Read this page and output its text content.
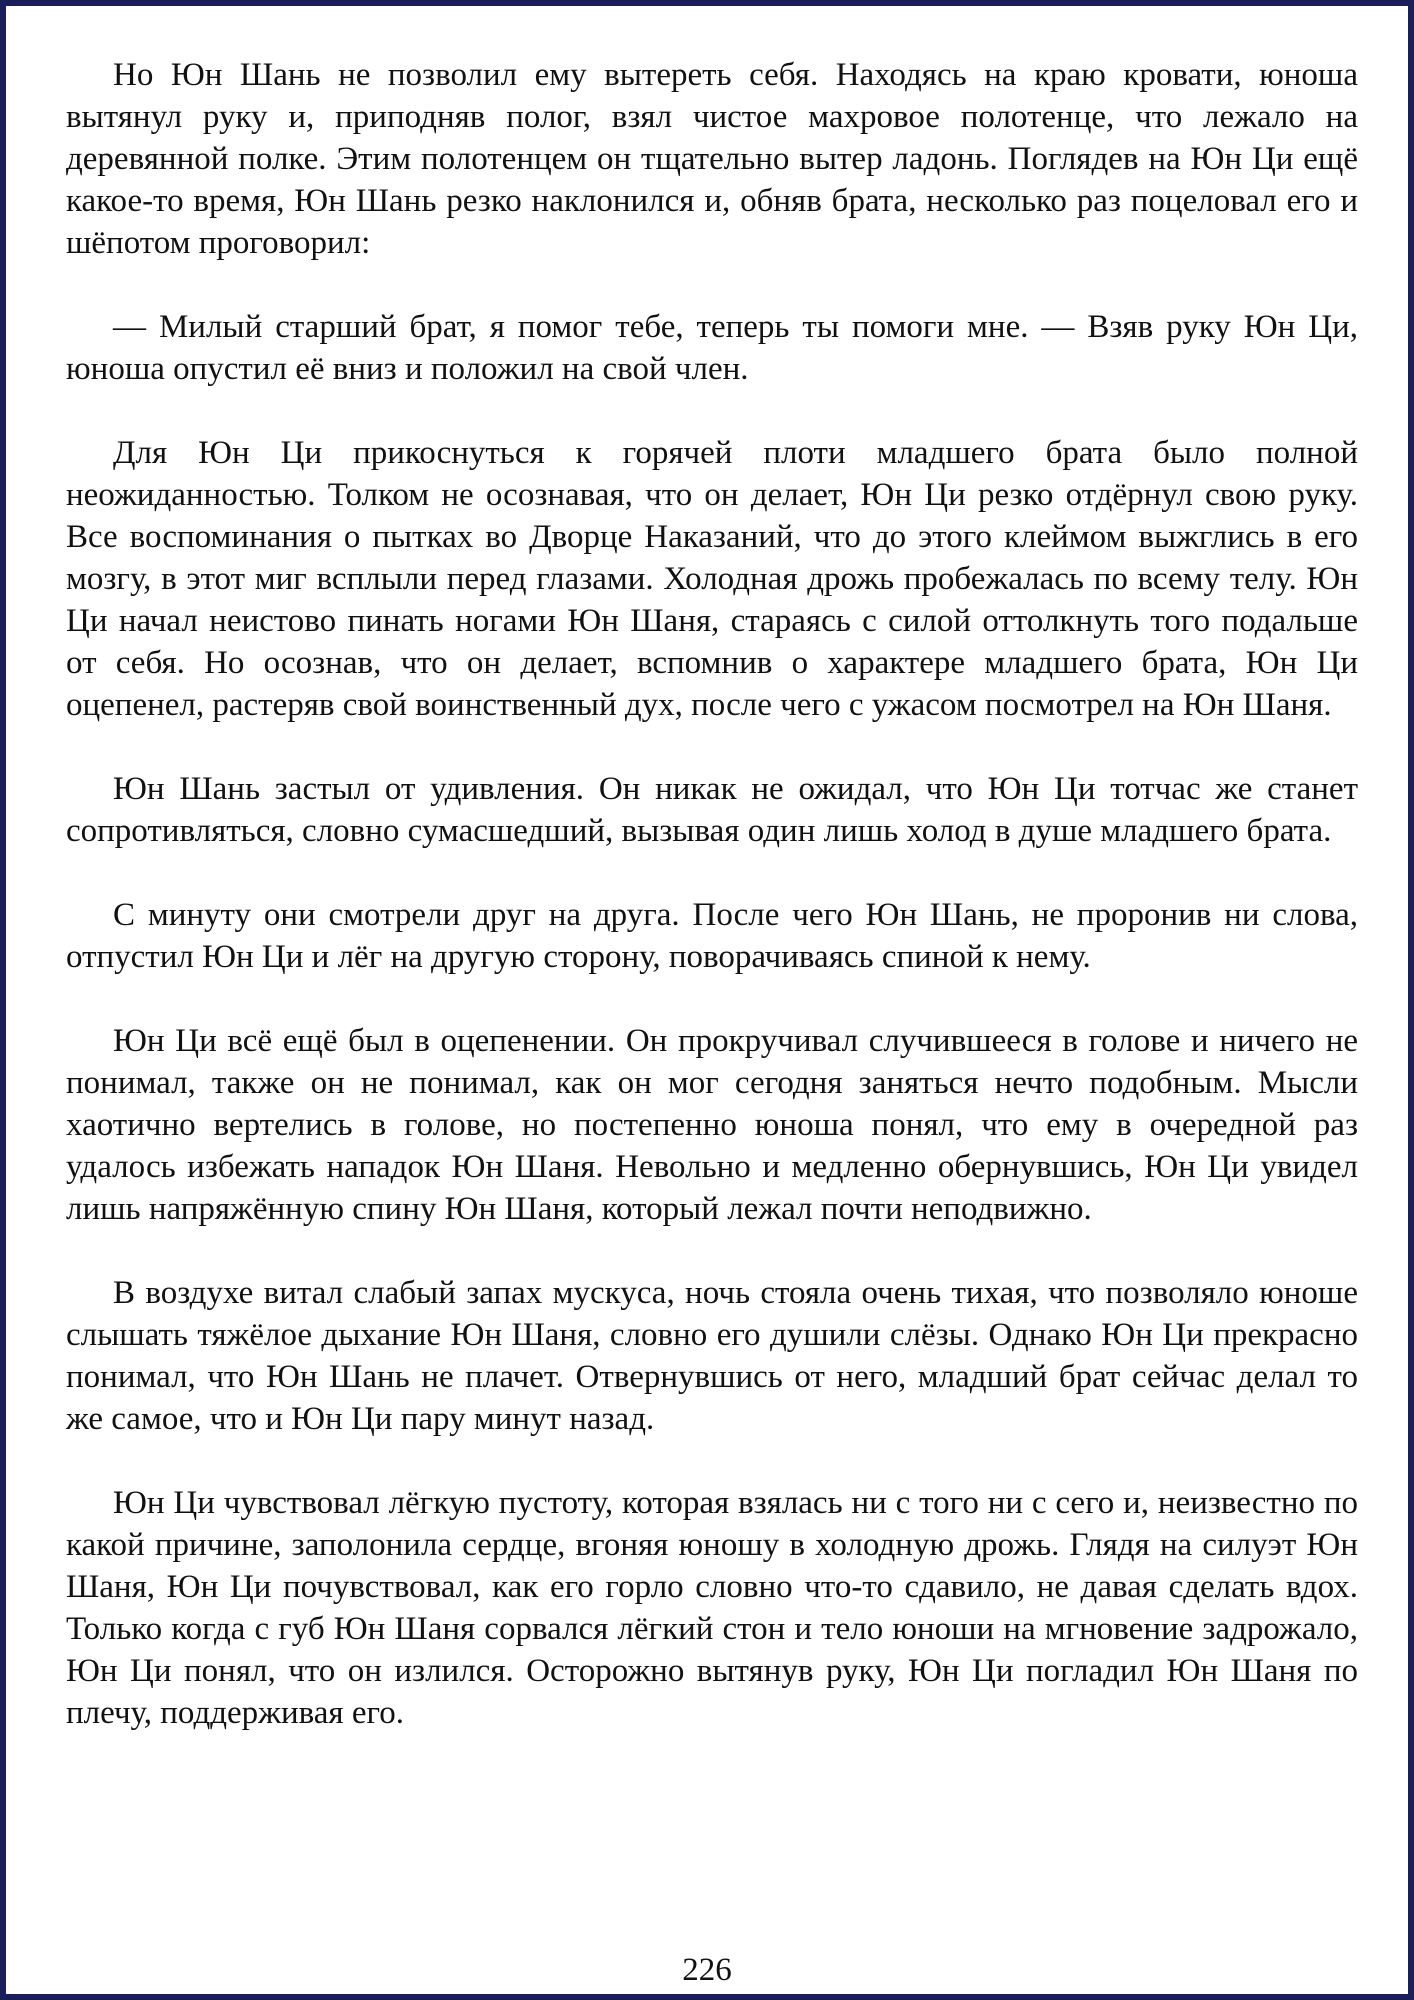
Но Юн Шань не позволил ему вытереть себя. Находясь на краю кровати, юноша вытянул руку и, приподняв полог, взял чистое махровое полотенце, что лежало на деревянной полке. Этим полотенцем он тщательно вытер ладонь. Поглядев на Юн Ци ещё какое-то время, Юн Шань резко наклонился и, обняв брата, несколько раз поцеловал его и шёпотом проговорил:

— Милый старший брат, я помог тебе, теперь ты помоги мне. — Взяв руку Юн Ци, юноша опустил её вниз и положил на свой член.

Для Юн Ци прикоснуться к горячей плоти младшего брата было полной неожиданностью. Толком не осознавая, что он делает, Юн Ци резко отдёрнул свою руку. Все воспоминания о пытках во Дворце Наказаний, что до этого клеймом выжглись в его мозгу, в этот миг всплыли перед глазами. Холодная дрожь пробежалась по всему телу. Юн Ци начал неистово пинать ногами Юн Шаня, стараясь с силой оттолкнуть того подальше от себя. Но осознав, что он делает, вспомнив о характере младшего брата, Юн Ци оцепенел, растеряв свой воинственный дух, после чего с ужасом посмотрел на Юн Шаня.

Юн Шань застыл от удивления. Он никак не ожидал, что Юн Ци тотчас же станет сопротивляться, словно сумасшедший, вызывая один лишь холод в душе младшего брата.

С минуту они смотрели друг на друга. После чего Юн Шань, не проронив ни слова, отпустил Юн Ци и лёг на другую сторону, поворачиваясь спиной к нему.

Юн Ци всё ещё был в оцепенении. Он прокручивал случившееся в голове и ничего не понимал, также он не понимал, как он мог сегодня заняться нечто подобным. Мысли хаотично вертелись в голове, но постепенно юноша понял, что ему в очередной раз удалось избежать нападок Юн Шаня. Невольно и медленно обернувшись, Юн Ци увидел лишь напряжённую спину Юн Шаня, который лежал почти неподвижно.

В воздухе витал слабый запах мускуса, ночь стояла очень тихая, что позволяло юноше слышать тяжёлое дыхание Юн Шаня, словно его душили слёзы. Однако Юн Ци прекрасно понимал, что Юн Шань не плачет. Отвернувшись от него, младший брат сейчас делал то же самое, что и Юн Ци пару минут назад.

Юн Ци чувствовал лёгкую пустоту, которая взялась ни с того ни с сего и, неизвестно по какой причине, заполонила сердце, вгоняя юношу в холодную дрожь. Глядя на силуэт Юн Шаня, Юн Ци почувствовал, как его горло словно что-то сдавило, не давая сделать вдох. Только когда с губ Юн Шаня сорвался лёгкий стон и тело юноши на мгновение задрожало, Юн Ци понял, что он излился. Осторожно вытянув руку, Юн Ци погладил Юн Шаня по плечу, поддерживая его.

226
